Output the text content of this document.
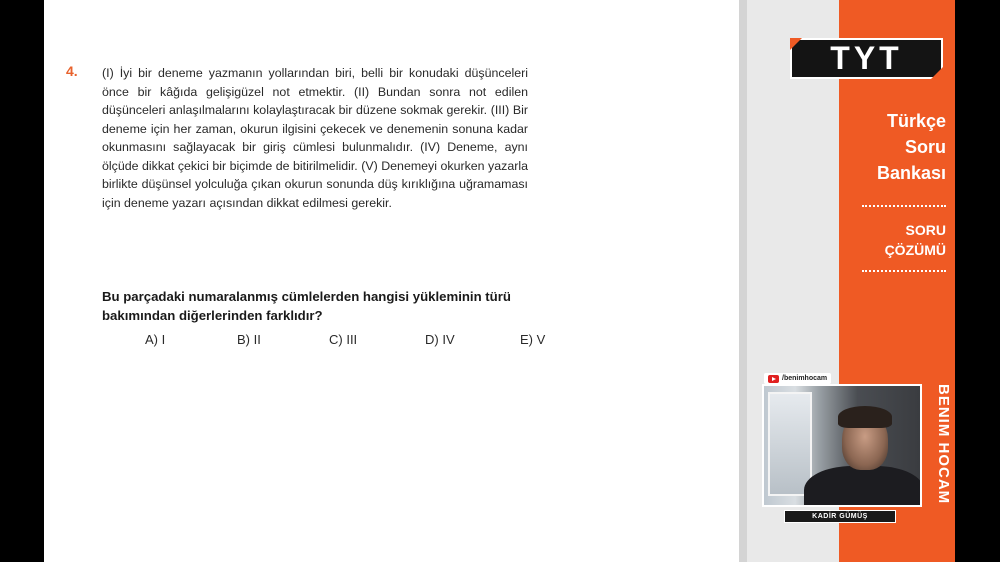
4. (I) İyi bir deneme yazmanın yollarından biri, belli bir konudaki düşünceleri önce bir kâğıda gelişigüzel not etmektir. (II) Bundan sonra not edilen düşünceleri anlaşılmalarını kolaylaştıracak bir düzene sokmak gerekir. (III) Bir deneme için her zaman, okurun ilgisini çekecek ve denemenin sonuna kadar okunmasını sağlayacak bir giriş cümlesi bulunmalıdır. (IV) Deneme, aynı ölçüde dikkat çekici bir biçimde de bitirilmelidir. (V) Denemeyi okurken yazarla birlikte düşünsel yolculuğa çıkan okurun sonunda düş kırıklığına uğramaması için deneme yazarı açısından dikkat edilmesi gerekir.
Bu parçadaki numaralanmış cümlelerden hangisi yükleminin türü bakımından diğerlerinden farklıdır?
A) I	B) II	C) III	D) IV	E) V
TYT
Türkçe
Soru
Bankası
SORU
ÇÖZÜMÜ
BENIM HOCAM
/benimhocam
KADİR GÜMÜŞ
